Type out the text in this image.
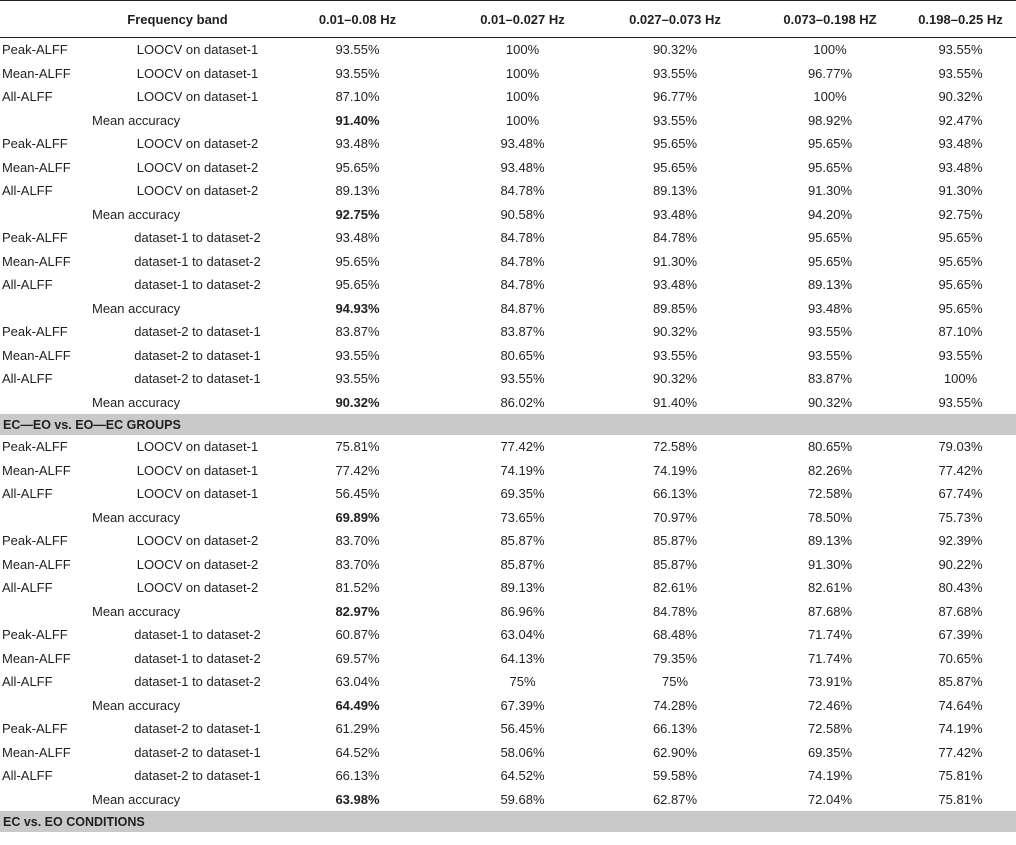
	Frequency band	0.01–0.08 Hz	0.01–0.027 Hz	0.027–0.073 Hz	0.073–0.198 HZ	0.198–0.25 Hz
Peak-ALFF	LOOCV on dataset-1	93.55%	100%	90.32%	100%	93.55%
Mean-ALFF	LOOCV on dataset-1	93.55%	100%	93.55%	96.77%	93.55%
All-ALFF	LOOCV on dataset-1	87.10%	100%	96.77%	100%	90.32%
	Mean accuracy	91.40%	100%	93.55%	98.92%	92.47%
Peak-ALFF	LOOCV on dataset-2	93.48%	93.48%	95.65%	95.65%	93.48%
Mean-ALFF	LOOCV on dataset-2	95.65%	93.48%	95.65%	95.65%	93.48%
All-ALFF	LOOCV on dataset-2	89.13%	84.78%	89.13%	91.30%	91.30%
	Mean accuracy	92.75%	90.58%	93.48%	94.20%	92.75%
Peak-ALFF	dataset-1 to dataset-2	93.48%	84.78%	84.78%	95.65%	95.65%
Mean-ALFF	dataset-1 to dataset-2	95.65%	84.78%	91.30%	95.65%	95.65%
All-ALFF	dataset-1 to dataset-2	95.65%	84.78%	93.48%	89.13%	95.65%
	Mean accuracy	94.93%	84.87%	89.85%	93.48%	95.65%
Peak-ALFF	dataset-2 to dataset-1	83.87%	83.87%	90.32%	93.55%	87.10%
Mean-ALFF	dataset-2 to dataset-1	93.55%	80.65%	93.55%	93.55%	93.55%
All-ALFF	dataset-2 to dataset-1	93.55%	93.55%	90.32%	83.87%	100%
	Mean accuracy	90.32%	86.02%	91.40%	90.32%	93.55%
EC—EO vs. EO—EC GROUPS						
Peak-ALFF	LOOCV on dataset-1	75.81%	77.42%	72.58%	80.65%	79.03%
Mean-ALFF	LOOCV on dataset-1	77.42%	74.19%	74.19%	82.26%	77.42%
All-ALFF	LOOCV on dataset-1	56.45%	69.35%	66.13%	72.58%	67.74%
	Mean accuracy	69.89%	73.65%	70.97%	78.50%	75.73%
Peak-ALFF	LOOCV on dataset-2	83.70%	85.87%	85.87%	89.13%	92.39%
Mean-ALFF	LOOCV on dataset-2	83.70%	85.87%	85.87%	91.30%	90.22%
All-ALFF	LOOCV on dataset-2	81.52%	89.13%	82.61%	82.61%	80.43%
	Mean accuracy	82.97%	86.96%	84.78%	87.68%	87.68%
Peak-ALFF	dataset-1 to dataset-2	60.87%	63.04%	68.48%	71.74%	67.39%
Mean-ALFF	dataset-1 to dataset-2	69.57%	64.13%	79.35%	71.74%	70.65%
All-ALFF	dataset-1 to dataset-2	63.04%	75%	75%	73.91%	85.87%
	Mean accuracy	64.49%	67.39%	74.28%	72.46%	74.64%
Peak-ALFF	dataset-2 to dataset-1	61.29%	56.45%	66.13%	72.58%	74.19%
Mean-ALFF	dataset-2 to dataset-1	64.52%	58.06%	62.90%	69.35%	77.42%
All-ALFF	dataset-2 to dataset-1	66.13%	64.52%	59.58%	74.19%	75.81%
	Mean accuracy	63.98%	59.68%	62.87%	72.04%	75.81%
EC vs. EO CONDITIONS						
